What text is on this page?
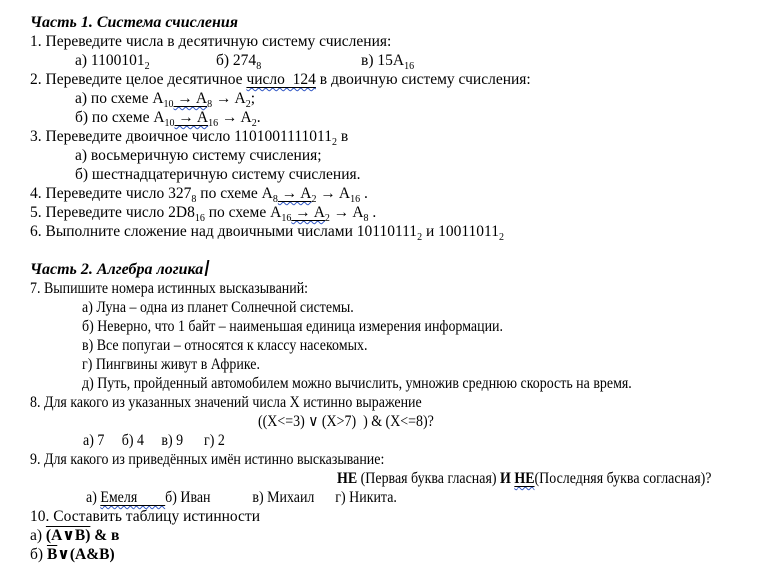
Часть 1. Система счисления
1. Переведите числа в десятичную систему счисления:
а) $1100101_2$	б) $274_8$	в) $15A_{16}$
2. Переведите целое десятичное число  124 в двоичную систему счисления:
а) по схеме $A_{10} \to A_8 \to A_2$;
б) по схеме $A_{10} \to A_{16} \to A_2$.
3. Переведите двоичное число $1101001111011_2$ в
а) восьмеричную систему счисления;
б) шестнадцатеричную систему счисления.
4. Переведите число $327_8$ по схеме $A_8 \to A_2 \to A_{16}$ .
5. Переведите число $2D8_{16}$ по схеме $A_{16} \to A_2 \to A_8$ .
6. Выполните сложение над двоичными числами $10110111_2$ и $10011011_2$
Часть 2. Алгебра логика
7. Выпишите номера истинных высказываний:
а) Луна – одна из планет Солнечной системы.
б) Неверно, что 1 байт – наименьшая единица измерения информации.
в) Все попугаи – относятся к классу насекомых.
г) Пингвины живут в Африке.
д) Путь, пройденный автомобилем можно вычислить, умножив среднюю скорость на время.
8. Для какого из указанных значений числа X истинно выражение
((X<=3) ∨ (X>7) ) & (X<=8)?
а) 7     б) 4     в) 9      г) 2
9. Для какого из приведённых имён истинно высказывание:
НЕ (Первая буква гласная) И НЕ(Последняя буква согласная)?
а) Емеля        б) Иван            в) Михаил      г) Никита.
10. Составить таблицу истинности
а) (A∨B) & в
б) $\overline{B}\vee(A\&B)$
